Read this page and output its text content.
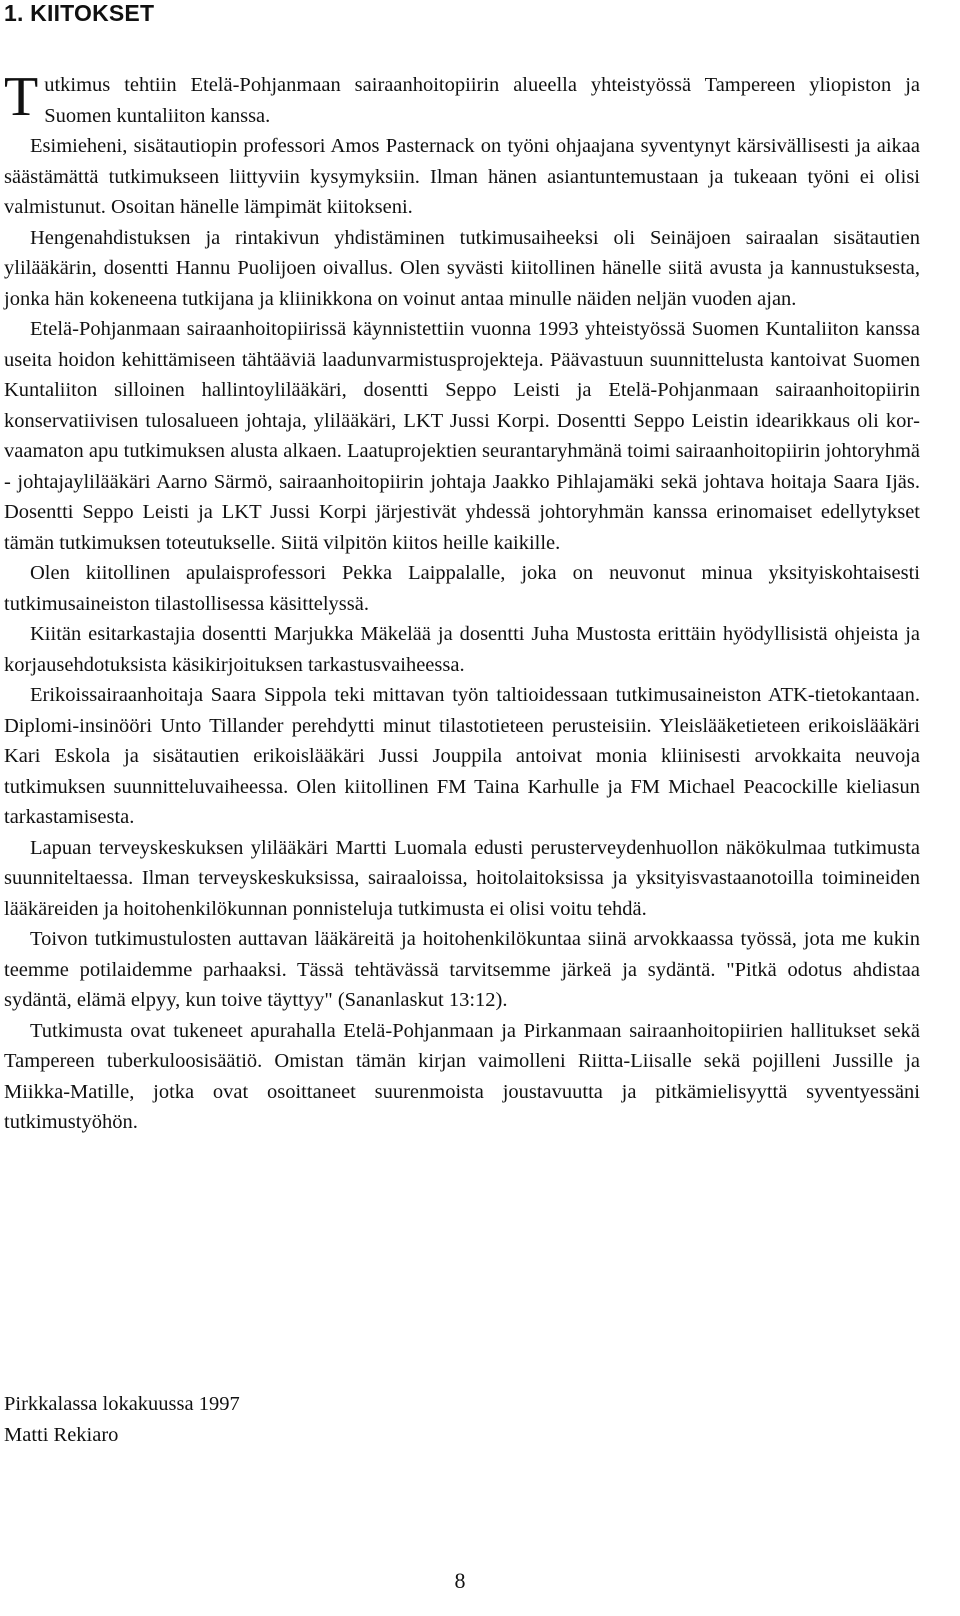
1. KIITOKSET

Tutkimus tehtiin Etelä-Pohjanmaan sairaanhoitopiirin alueella yhteistyössä Tampereen yliopiston ja Suomen kuntaliiton kanssa.

Esimieheni, sisätautiopin professori Amos Pasternack on työni ohjaajana syventynyt kärsivällisesti ja aikaa säästämättä tutkimukseen liittyviin kysymyksiin. Ilman hänen asiantuntemustaan ja tukeaan työni ei olisi valmistunut. Osoitan hänelle lämpimät kiitokseni.

Hengenahdistuksen ja rintakivun yhdistäminen tutkimusaiheeksi oli Seinäjoen sairaalan sisätautien ylilääkärin, dosentti Hannu Puolijoen oivallus. Olen syvästi kiitollinen hänelle siitä avusta ja kannustuksesta, jonka hän kokeneena tutkijana ja kliinikkona on voinut antaa minulle näiden neljän vuoden ajan.

Etelä-Pohjanmaan sairaanhoitopiirissä käynnistettiin vuonna 1993 yhteistyössä Suomen Kuntaliiton kanssa useita hoidon kehittämiseen tähtääviä laadunvarmistusprojekteja. Päävastuun suunnittelusta kantoivat Suomen Kuntaliiton silloinen hallintoylilääkäri, dosentti Seppo Leisti ja Etelä-Pohjanmaan sairaanhoitopiirin konservatiivisen tulosalueen johtaja, ylilääkäri, LKT Jussi Korpi. Dosentti Seppo Leistin idearikkaus oli korvaamaton apu tutkimuksen alusta alkaen. Laatuprojektien seurantaryhmänä toimi sairaanhoitopiirin johtoryhmä - johtajaylilääkäri Aarno Särmö, sairaanhoitopiirin johtaja Jaakko Pihlajamäki sekä johtava hoitaja Saara Ijäs. Dosentti Seppo Leisti ja LKT Jussi Korpi järjestivät yhdessä johtoryhmän kanssa erinomaiset edellytykset tämän tutkimuksen toteutukselle. Siitä vilpitön kiitos heille kaikille.

Olen kiitollinen apulaisprofessori Pekka Laippalalle, joka on neuvonut minua yksityiskohtaisesti tutkimusaineiston tilastollisessa käsittelyssä.

Kiitän esitarkastajia dosentti Marjukka Mäkelää ja dosentti Juha Mustosta erittäin hyödyllisistä ohjeista ja korjausehdotuksista käsikirjoituksen tarkastusvaiheessa.

Erikoissairaanhoitaja Saara Sippola teki mittavan työn taltioidessaan tutkimusaineiston ATK-tietokantaan. Diplomi-insinööri Unto Tillander perehdytti minut tilastotieteen perusteisiin. Yleislääketieteen erikoislääkäri Kari Eskola ja sisätautien erikoislääkäri Jussi Jouppila antoivat monia kliinisesti arvokkaita neuvoja tutkimuksen suunnitteluvaiheessa. Olen kiitollinen FM Taina Karhulle ja FM Michael Peacockille kieliasun tarkastamisesta.

Lapuan terveyskeskuksen ylilääkäri Martti Luomala edusti perusterveydenhuollon näkökulmaa tutkimusta suunniteltaessa. Ilman terveyskeskuksissa, sairaaloissa, hoitolaitoksissa ja yksityisvastaanotoilla toimineiden lääkäreiden ja hoitohenkilökunnan ponnisteluja tutkimusta ei olisi voitu tehdä.

Toivon tutkimustulosten auttavan lääkäreitä ja hoitohenkilökuntaa siinä arvokkaassa työssä, jota me kukin teemme potilaidemme parhaaksi. Tässä tehtävässä tarvitsemme järkeä ja sydäntä. "Pitkä odotus ahdistaa sydäntä, elämä elpyy, kun toive täyttyy" (Sananlaskut 13:12).

Tutkimusta ovat tukeneet apurahalla Etelä-Pohjanmaan ja Pirkanmaan sairaanhoitopiirien hallitukset sekä Tampereen tuberkuloosisäätiö. Omistan tämän kirjan vaimolleni Riitta-Liisalle sekä pojilleni Jussille ja Miikka-Matille, jotka ovat osoittaneet suurenmoista joustavuutta ja pitkämielisyyttä syventyessäni tutkimustyöhön.

Pirkkalassa lokakuussa 1997
Matti Rekiaro
8
